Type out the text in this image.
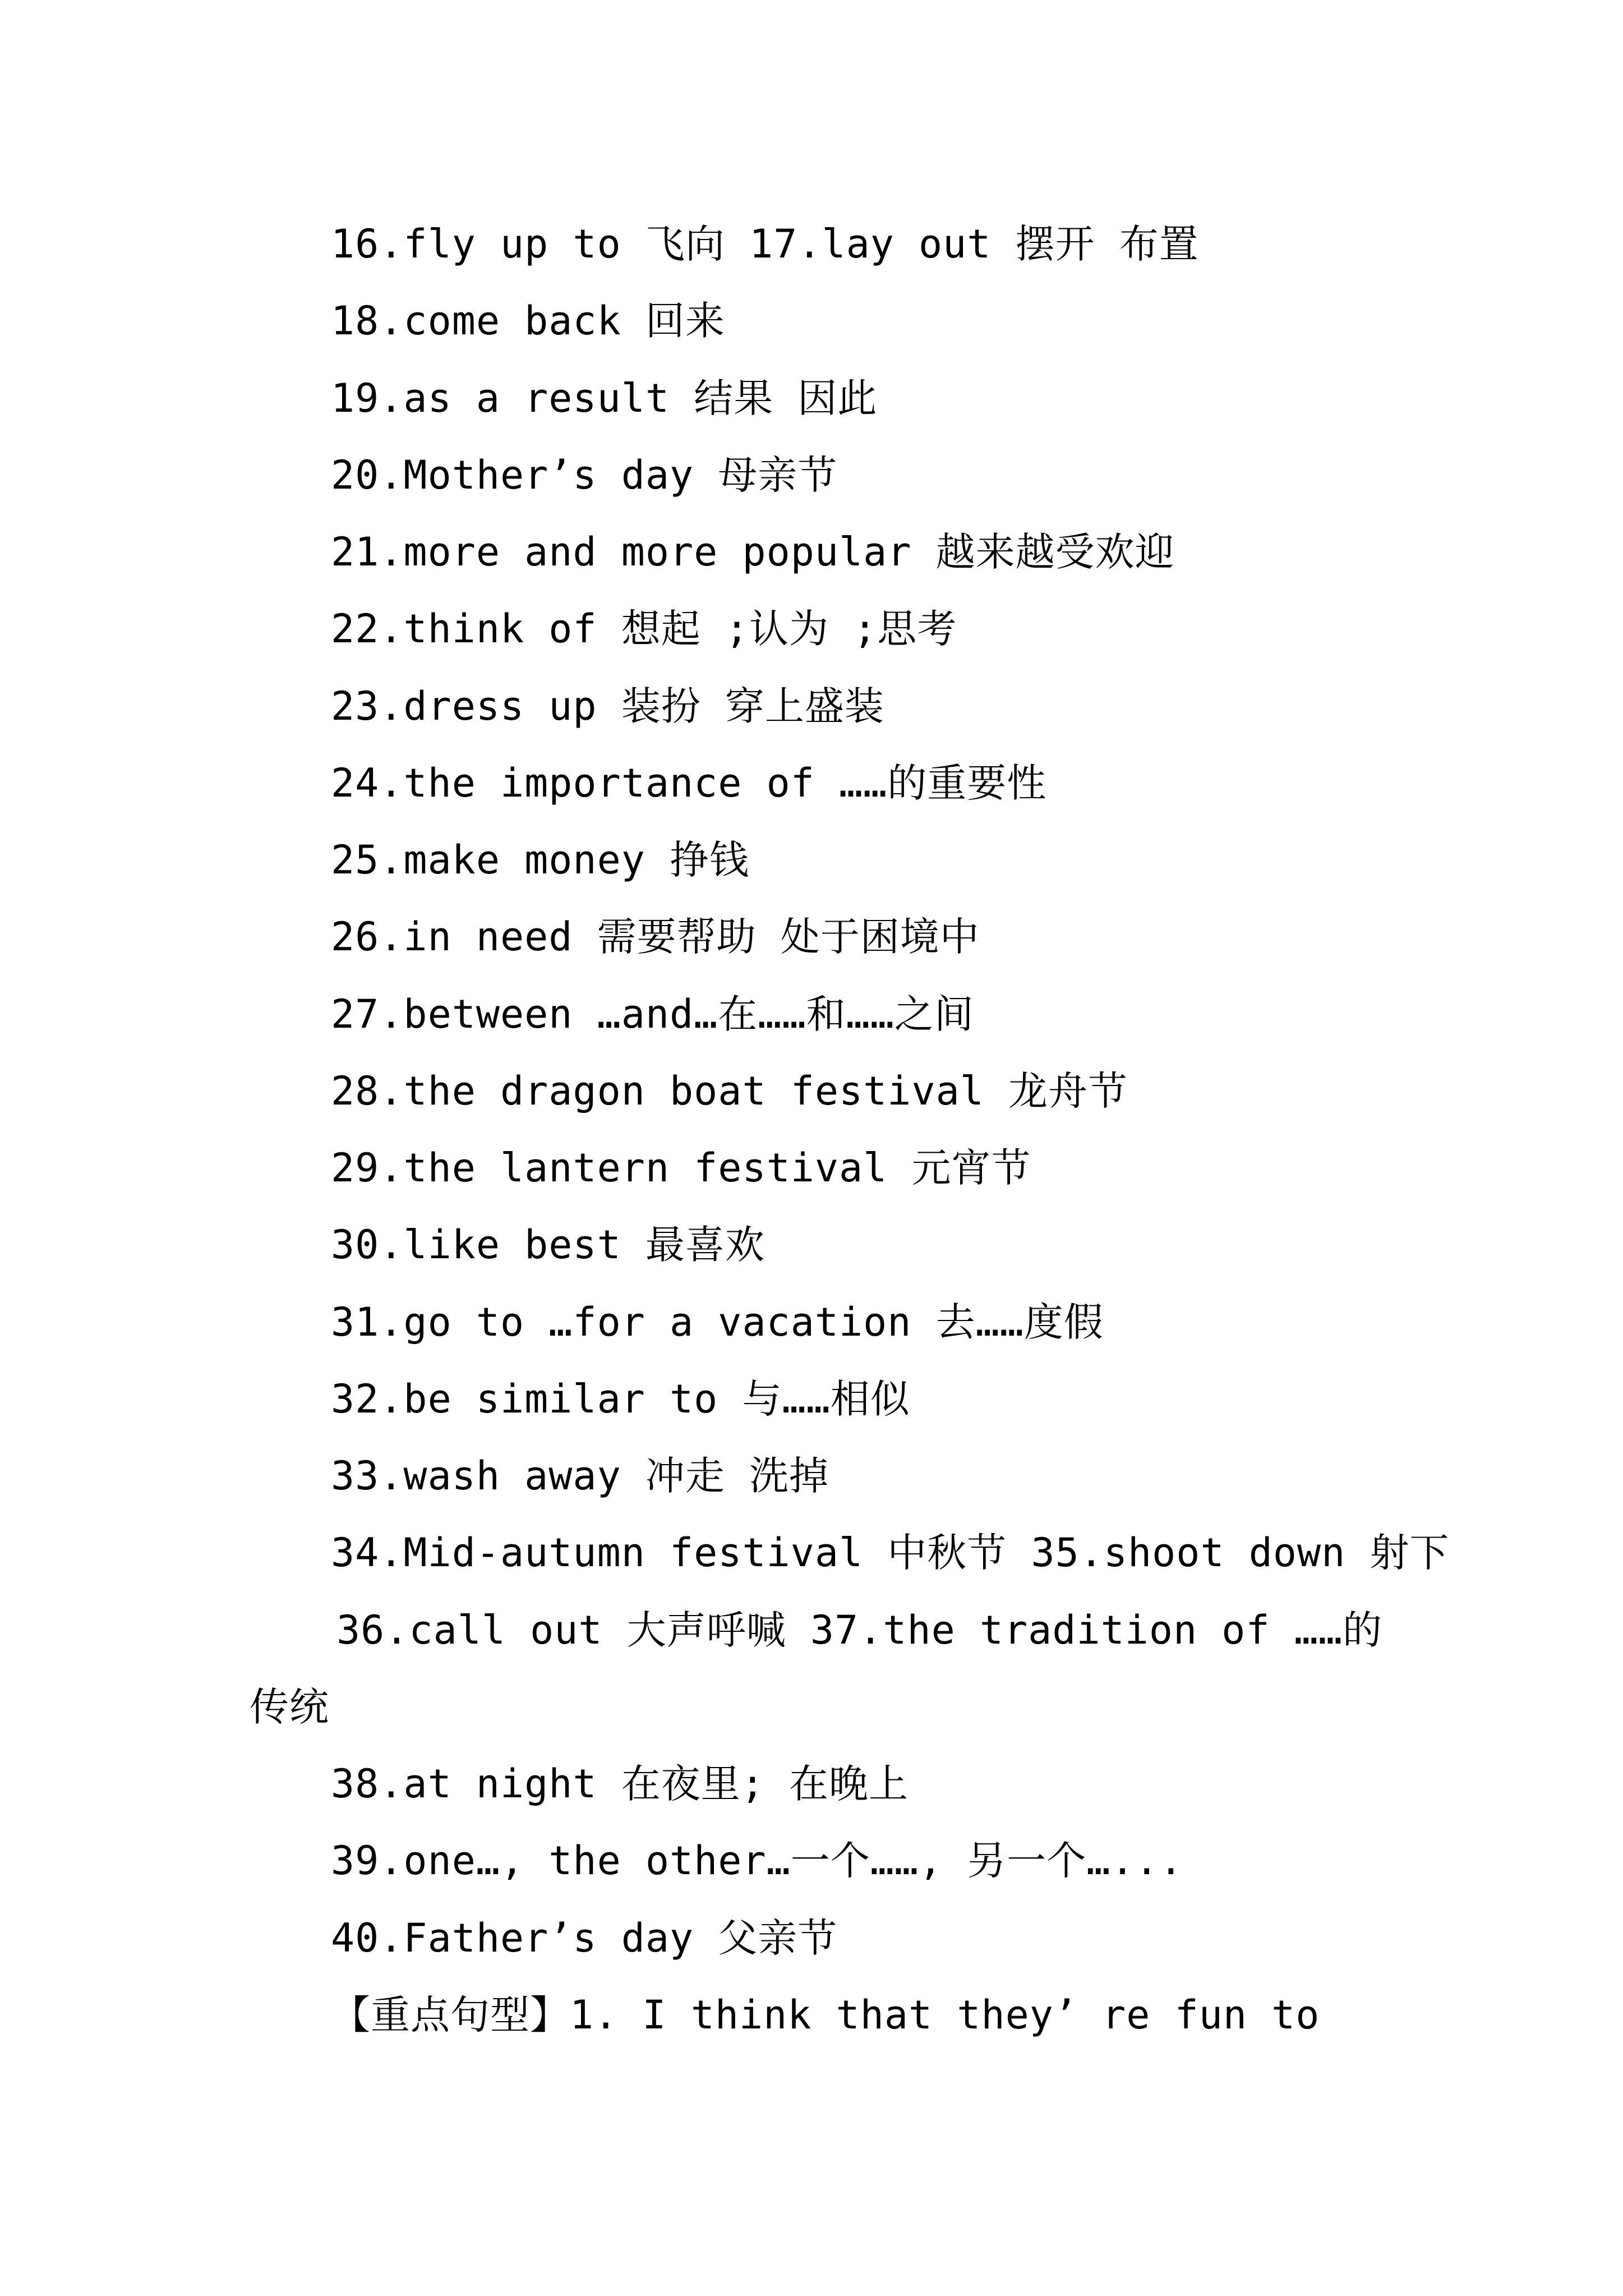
16.fly up to 飞向 17.lay out 摆开 布置
18.come back 回来
19.as a result 结果 因此
20.Mother’s day 母亲节
21.more and more popular 越来越受欢迎
22.think of 想起 ;认为 ;思考
23.dress up 装扮 穿上盛装
24.the importance of ……的重要性
25.make money 挣钱
26.in need 需要帮助 处于困境中
27.between …and…在……和……之间
28.the dragon boat festival 龙舟节
29.the lantern festival 元宵节
30.like best 最喜欢
31.go to …for a vacation 去……度假
32.be similar to 与……相似
33.wash away 冲走 洗掉
34.Mid-autumn festival 中秋节 35.shoot down 射下
36.call out 大声呼喊 37.the tradition of ……的
传统
38.at night 在夜里; 在晚上
39.one…, the other…一个……, 另一个…...
40.Father’s day 父亲节
【重点句型】1. I think that they’ re fun to
